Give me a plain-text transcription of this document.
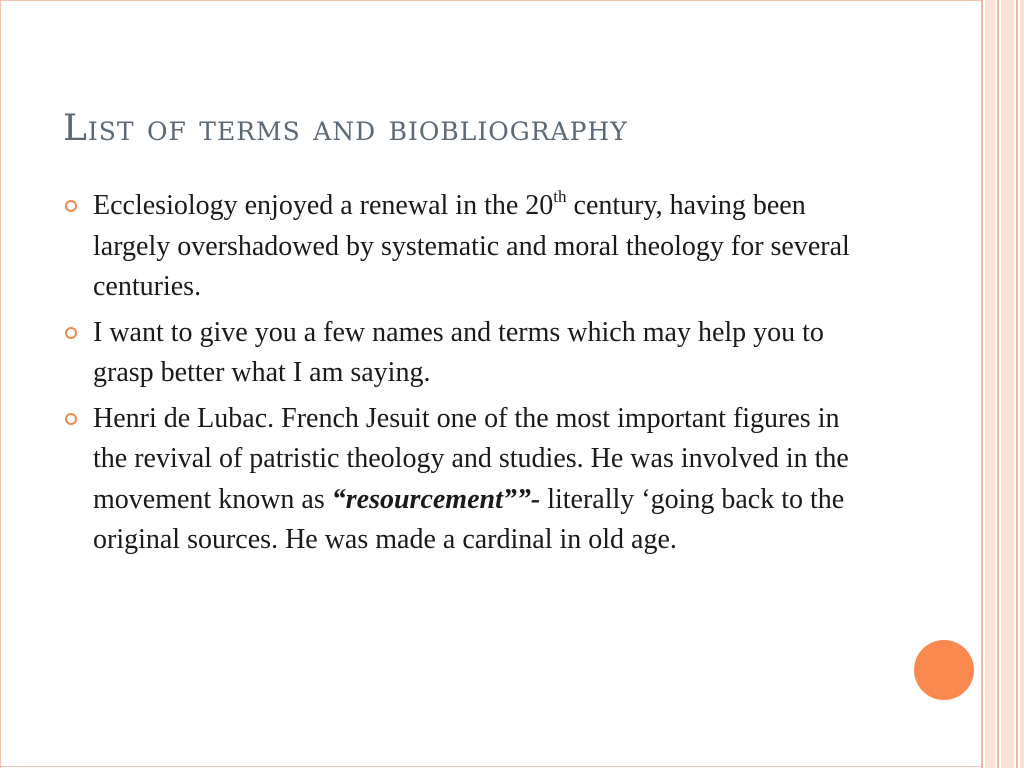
List of terms and biobliography
Ecclesiology enjoyed a renewal in the 20th century, having been largely overshadowed by systematic and moral theology for several centuries.
I want to give you a few names and terms which may help you to grasp better what I am saying.
Henri de Lubac. French Jesuit one of the most important figures in the revival of patristic theology and studies. He was involved in the movement known as “resourcement””- literally ‘going back to the original sources. He was made a cardinal in old age.
